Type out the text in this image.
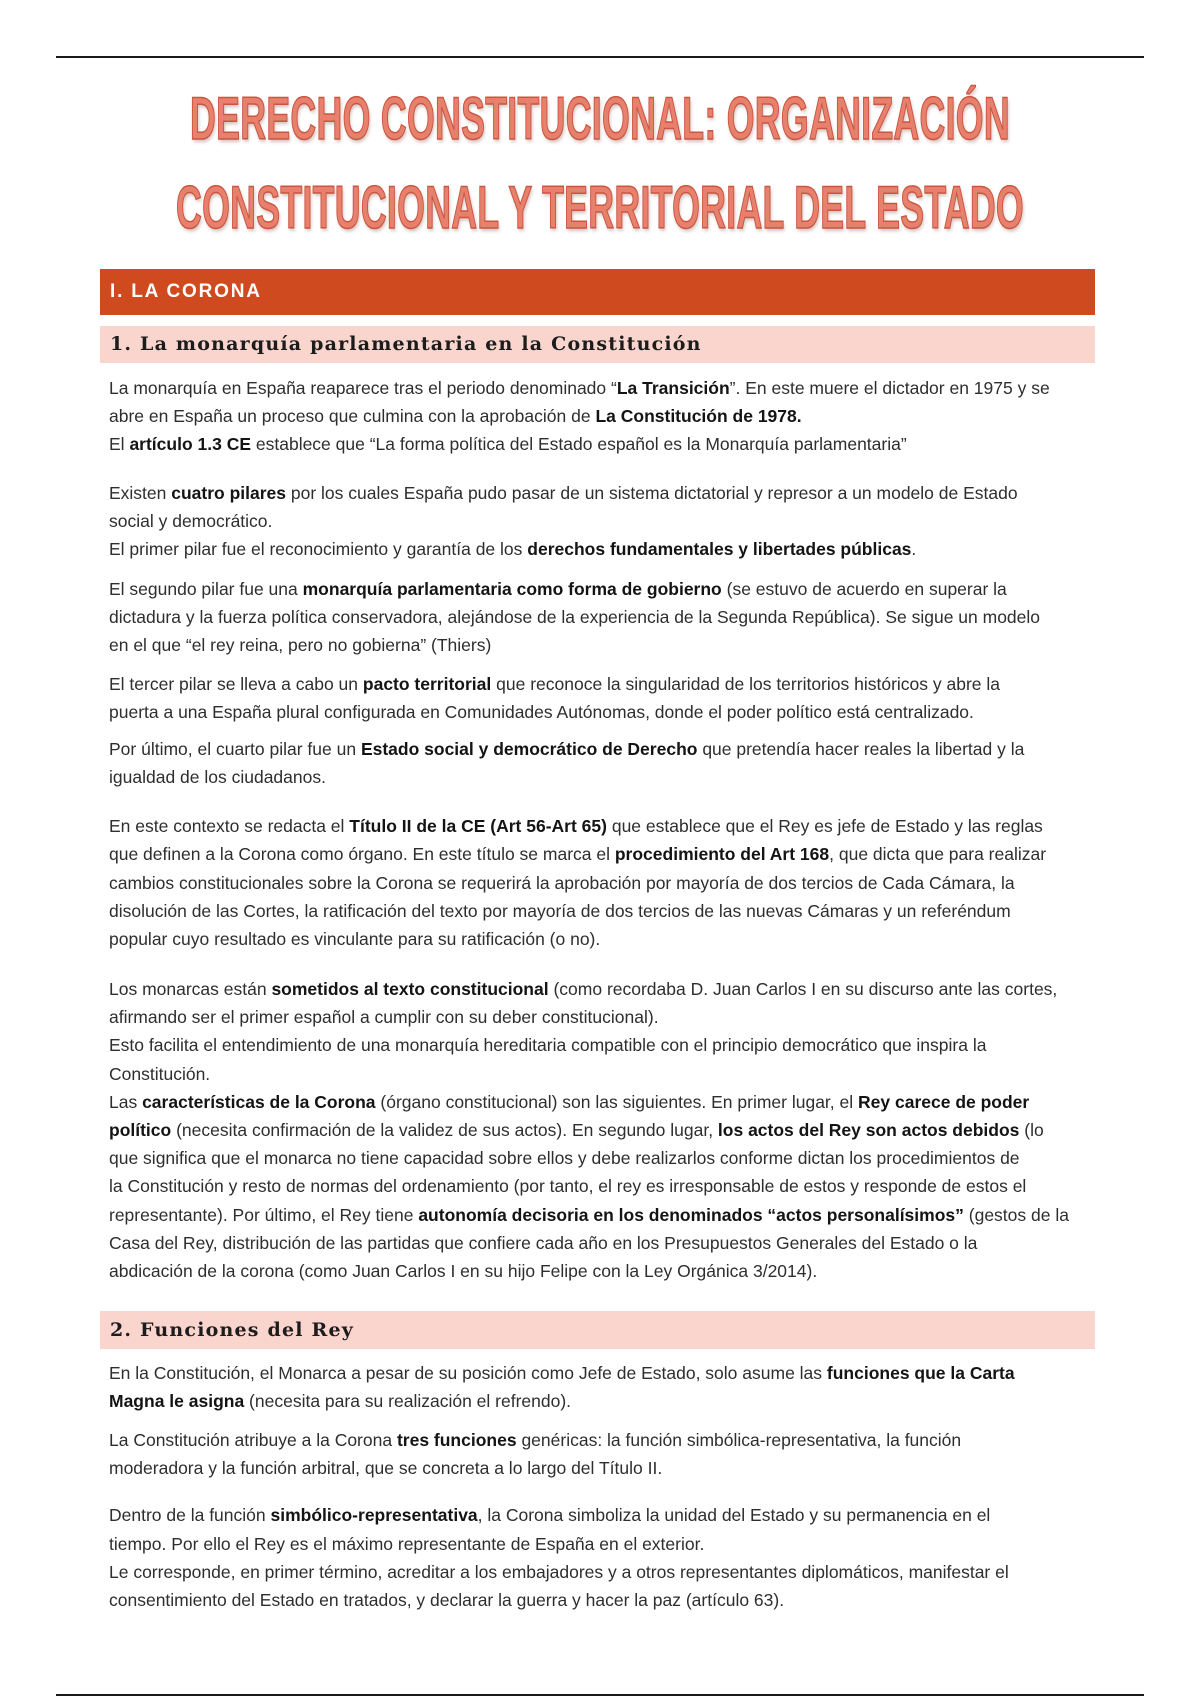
DERECHO CONSTITUCIONAL: ORGANIZACIÓN
CONSTITUCIONAL Y TERRITORIAL DEL ESTADO
I. LA CORONA
1. La monarquía parlamentaria en la Constitución
La monarquía en España reaparece tras el periodo denominado “La Transición”. En este muere el dictador en 1975 y se
abre en España un proceso que culmina con la aprobación de La Constitución de 1978.
El artículo 1.3 CE establece que “La forma política del Estado español es la Monarquía parlamentaria”
Existen cuatro pilares por los cuales España pudo pasar de un sistema dictatorial y represor a un modelo de Estado
social y democrático.
El primer pilar fue el reconocimiento y garantía de los derechos fundamentales y libertades públicas.
El segundo pilar fue una monarquía parlamentaria como forma de gobierno (se estuvo de acuerdo en superar la
dictadura y la fuerza política conservadora, alejándose de la experiencia de la Segunda República). Se sigue un modelo
en el que “el rey reina, pero no gobierna” (Thiers)
El tercer pilar se lleva a cabo un pacto territorial que reconoce la singularidad de los territorios históricos y abre la
puerta a una España plural configurada en Comunidades Autónomas, donde el poder político está centralizado.
Por último, el cuarto pilar fue un Estado social y democrático de Derecho que pretendía hacer reales la libertad y la
igualdad de los ciudadanos.
En este contexto se redacta el Título II de la CE (Art 56-Art 65) que establece que el Rey es jefe de Estado y las reglas
que definen a la Corona como órgano. En este título se marca el procedimiento del Art 168, que dicta que para realizar
cambios constitucionales sobre la Corona se requerirá la aprobación por mayoría de dos tercios de Cada Cámara, la
disolución de las Cortes, la ratificación del texto por mayoría de dos tercios de las nuevas Cámaras y un referéndum
popular cuyo resultado es vinculante para su ratificación (o no).
Los monarcas están sometidos al texto constitucional (como recordaba D. Juan Carlos I en su discurso ante las cortes,
afirmando ser el primer español a cumplir con su deber constitucional).
Esto facilita el entendimiento de una monarquía hereditaria compatible con el principio democrático que inspira la
Constitución.
Las características de la Corona (órgano constitucional) son las siguientes. En primer lugar, el Rey carece de poder
político (necesita confirmación de la validez de sus actos). En segundo lugar, los actos del Rey son actos debidos (lo
que significa que el monarca no tiene capacidad sobre ellos y debe realizarlos conforme dictan los procedimientos de
la Constitución y resto de normas del ordenamiento (por tanto, el rey es irresponsable de estos y responde de estos el
representante). Por último, el Rey tiene autonomía decisoria en los denominados “actos personalísimos” (gestos de la
Casa del Rey, distribución de las partidas que confiere cada año en los Presupuestos Generales del Estado o la
abdicación de la corona (como Juan Carlos I en su hijo Felipe con la Ley Orgánica 3/2014).
2. Funciones del Rey
En la Constitución, el Monarca a pesar de su posición como Jefe de Estado, solo asume las funciones que la Carta
Magna le asigna (necesita para su realización el refrendo).
La Constitución atribuye a la Corona tres funciones genéricas: la función simbólica-representativa, la función
moderadora y la función arbitral, que se concreta a lo largo del Título II.
Dentro de la función simbólico-representativa, la Corona simboliza la unidad del Estado y su permanencia en el
tiempo. Por ello el Rey es el máximo representante de España en el exterior.
Le corresponde, en primer término, acreditar a los embajadores y a otros representantes diplomáticos, manifestar el
consentimiento del Estado en tratados, y declarar la guerra y hacer la paz (artículo 63).
